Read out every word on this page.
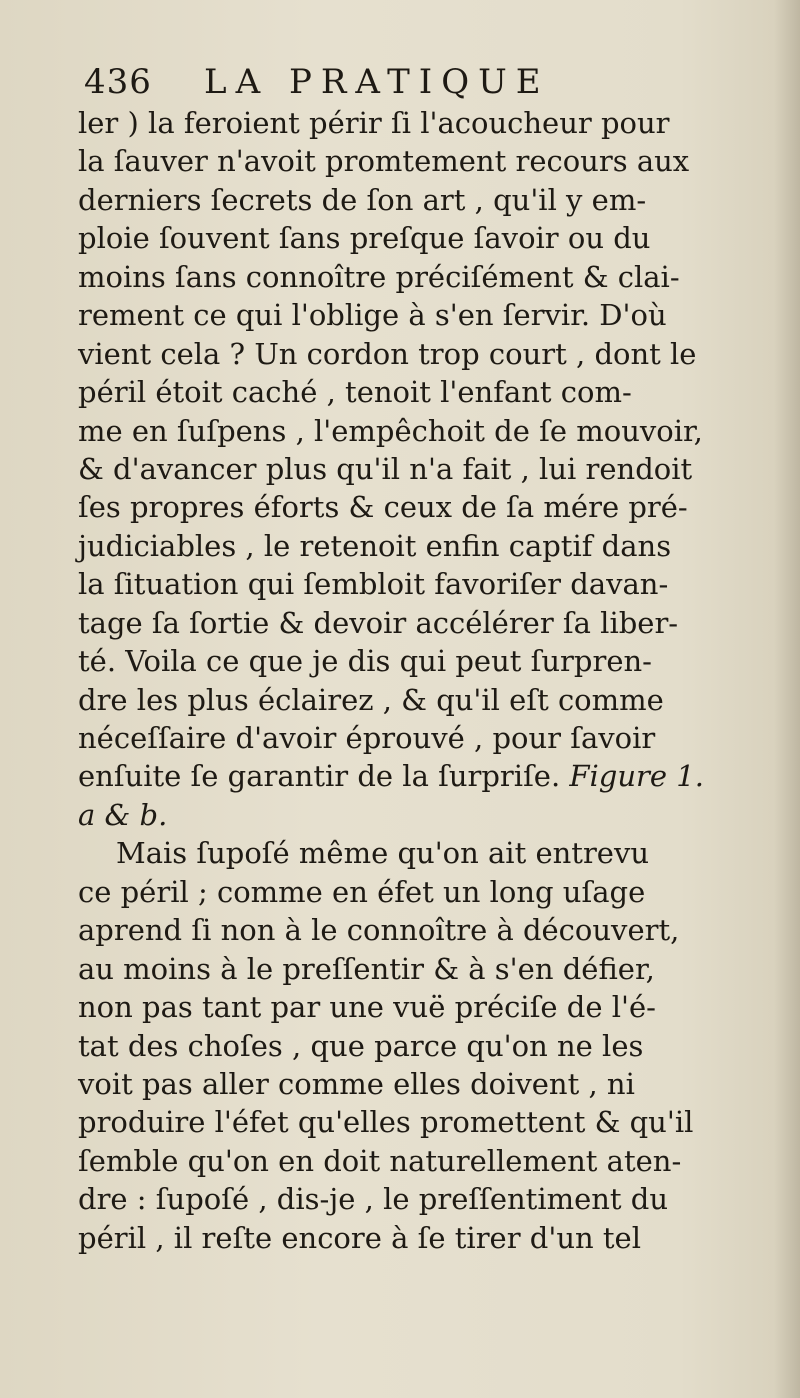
436 LA PRATIQUE
ler ) la feroient périr ſi l'acoucheur pour
la ſauver n'avoit promtement recours aux
derniers ſecrets de ſon art , qu'il y em-
ploie ſouvent ſans preſque ſavoir ou du
moins ſans connoître préciſément & clai-
rement ce qui l'oblige à s'en ſervir. D'où
vient cela ? Un cordon trop court , dont le
péril étoit caché , tenoit l'enfant com-
me en ſuſpens , l'empêchoit de ſe mouvoir,
& d'avancer plus qu'il n'a fait , lui rendoit
ſes propres éforts & ceux de ſa mére pré-
judiciables , le retenoit enfin captif dans
la ſituation qui ſembloit favoriſer davan-
tage ſa ſortie & devoir accélérer ſa liber-
té. Voila ce que je dis qui peut ſurpren-
dre les plus éclairez , & qu'il eſt comme
néceſſaire d'avoir éprouvé , pour ſavoir
enſuite ſe garantir de la ſurpriſe. Figure 1.
a & b.
Mais ſupoſé même qu'on ait entrevu
ce péril ; comme en éfet un long uſage
aprend ſi non à le connoître à découvert,
au moins à le preſſentir & à s'en défier,
non pas tant par une vuë préciſe de l'é-
tat des choſes , que parce qu'on ne les
voit pas aller comme elles doivent , ni
produire l'éfet qu'elles promettent & qu'il
ſemble qu'on en doit naturellement aten-
dre : ſupoſé , dis-je , le preſſentiment du
péril , il reſte encore à ſe tirer d'un tel
